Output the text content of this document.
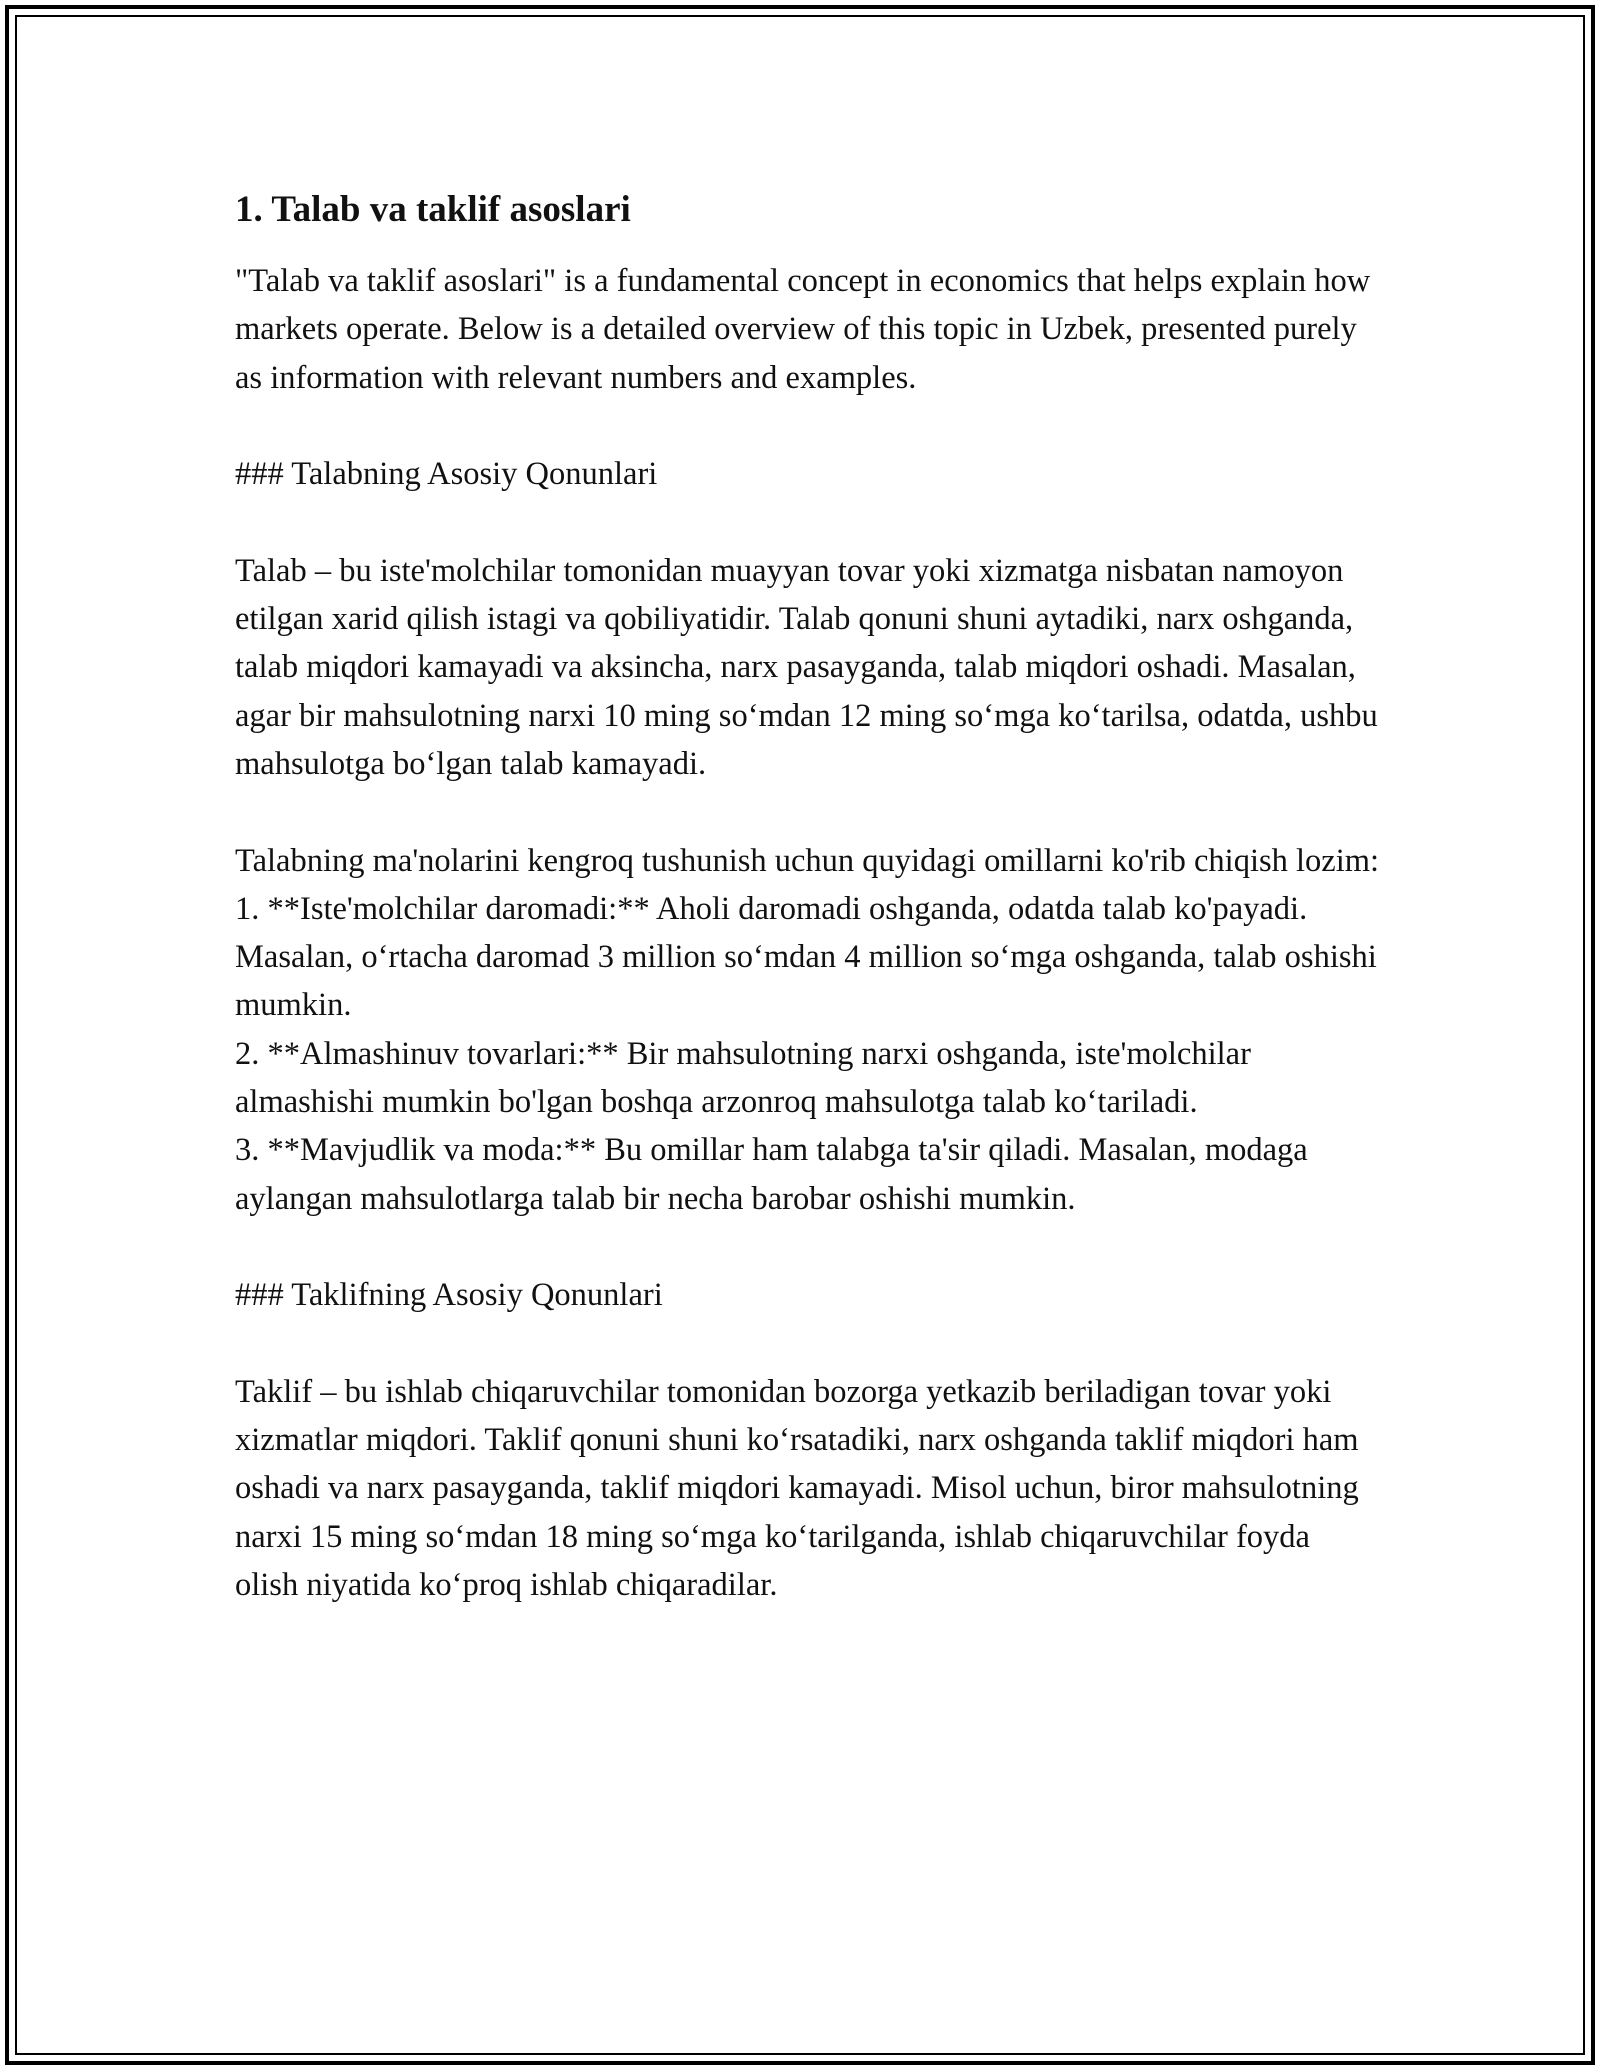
1. Talab va taklif asoslari

"Talab va taklif asoslari" is a fundamental concept in economics that helps explain how markets operate. Below is a detailed overview of this topic in Uzbek, presented purely as information with relevant numbers and examples.

### Talabning Asosiy Qonunlari

Talab – bu iste'molchilar tomonidan muayyan tovar yoki xizmatga nisbatan namoyon etilgan xarid qilish istagi va qobiliyatidir. Talab qonuni shuni aytadiki, narx oshganda, talab miqdori kamayadi va aksincha, narx pasayganda, talab miqdori oshadi. Masalan, agar bir mahsulotning narxi 10 ming so‘mdan 12 ming so‘mga ko‘tarilsa, odatda, ushbu mahsulotga bo‘lgan talab kamayadi.

Talabning ma'nolarini kengroq tushunish uchun quyidagi omillarni ko'rib chiqish lozim:

1. **Iste'molchilar daromadi:** Aholi daromadi oshganda, odatda talab ko'payadi. Masalan, o‘rtacha daromad 3 million so‘mdan 4 million so‘mga oshganda, talab oshishi mumkin.

2. **Almashinuv tovarlari:** Bir mahsulotning narxi oshganda, iste'molchilar almashishi mumkin bo'lgan boshqa arzonroq mahsulotga talab ko‘tariladi.

3. **Mavjudlik va moda:** Bu omillar ham talabga ta'sir qiladi. Masalan, modaga aylangan mahsulotlarga talab bir necha barobar oshishi mumkin.

### Taklifning Asosiy Qonunlari

Taklif – bu ishlab chiqaruvchilar tomonidan bozorga yetkazib beriladigan tovar yoki xizmatlar miqdori. Taklif qonuni shuni ko‘rsatadiki, narx oshganda taklif miqdori ham oshadi va narx pasayganda, taklif miqdori kamayadi. Misol uchun, biror mahsulotning narxi 15 ming so‘mdan 18 ming so‘mga ko‘tarilganda, ishlab chiqaruvchilar foyda olish niyatida ko‘proq ishlab chiqaradilar.
